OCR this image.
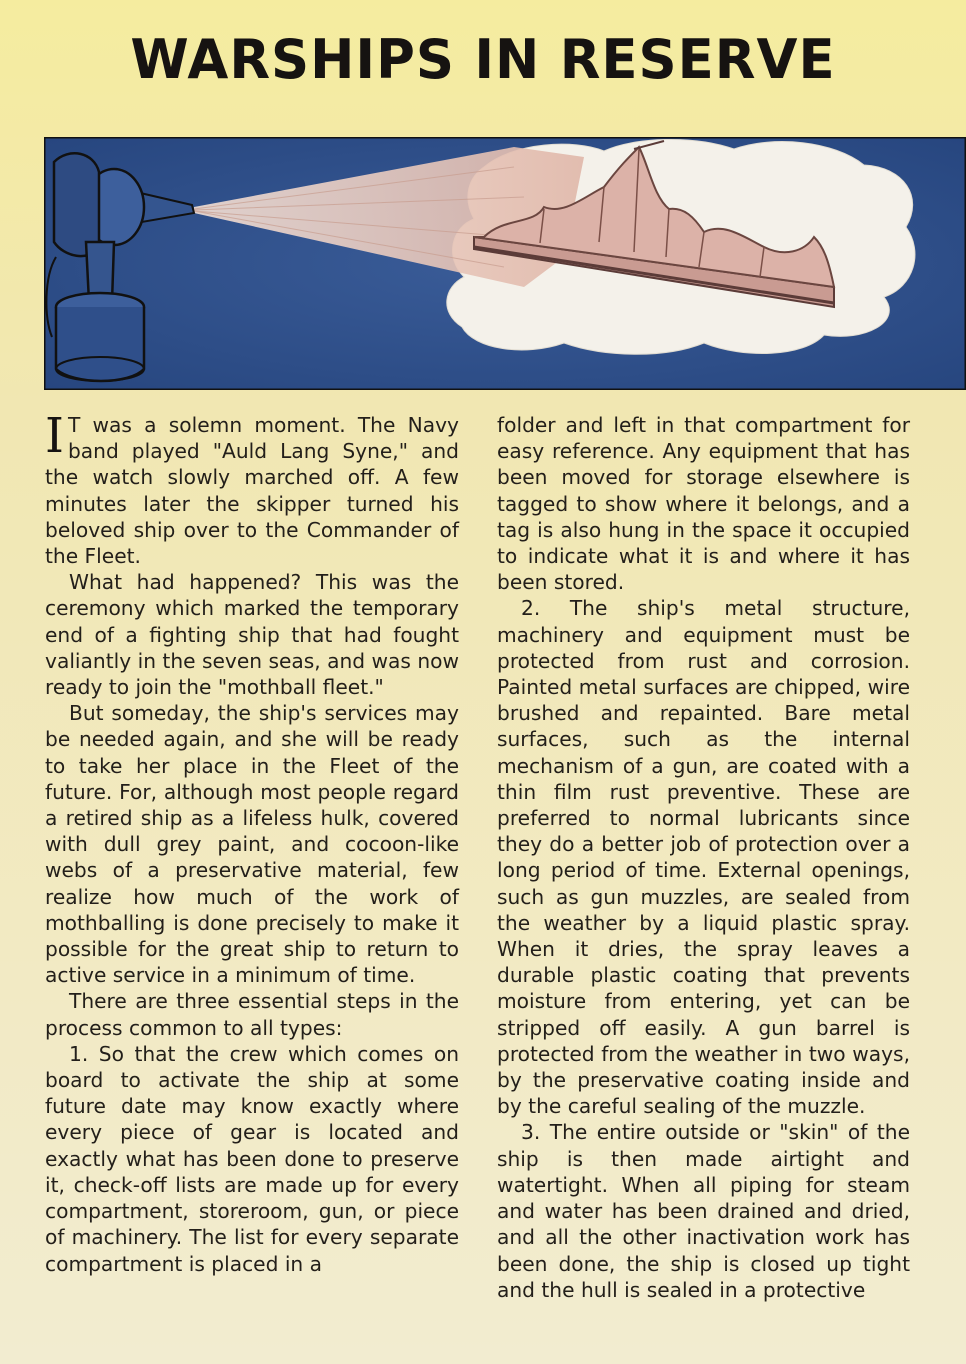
WARSHIPS IN RESERVE

I T was a solemn moment. The Navy band played "Auld Lang Syne," and the watch slowly marched off. A few minutes later the skipper turned his beloved ship over to the Commander of the Fleet.

What had happened? This was the ceremony which marked the temporary end of a fighting ship that had fought valiantly in the seven seas, and was now ready to join the "mothball fleet."

But someday, the ship's services may be needed again, and she will be ready to take her place in the Fleet of the future. For, although most people regard a retired ship as a lifeless hulk, covered with dull grey paint, and cocoon-like webs of a preservative material, few realize how much of the work of mothballing is done precisely to make it possible for the great ship to return to active service in a minimum of time.

There are three essential steps in the process common to all types:

1. So that the crew which comes on board to activate the ship at some future date may know exactly where every piece of gear is located and exactly what has been done to preserve it, check-off lists are made up for every compartment, storeroom, gun, or piece of machinery. The list for every separate compartment is placed in a

folder and left in that compartment for easy reference. Any equipment that has been moved for storage elsewhere is tagged to show where it belongs, and a tag is also hung in the space it occupied to indicate what it is and where it has been stored.

2. The ship's metal structure, machinery and equipment must be protected from rust and corrosion. Painted metal surfaces are chipped, wire brushed and repainted. Bare metal surfaces, such as the internal mechanism of a gun, are coated with a thin film rust preventive. These are preferred to normal lubricants since they do a better job of protection over a long period of time. External openings, such as gun muzzles, are sealed from the weather by a liquid plastic spray. When it dries, the spray leaves a durable plastic coating that prevents moisture from entering, yet can be stripped off easily. A gun barrel is protected from the weather in two ways, by the preservative coating inside and by the careful sealing of the muzzle.

3. The entire outside or "skin" of the ship is then made airtight and watertight. When all piping for steam and water has been drained and dried, and all the other inactivation work has been done, the ship is closed up tight and the hull is sealed in a protective
